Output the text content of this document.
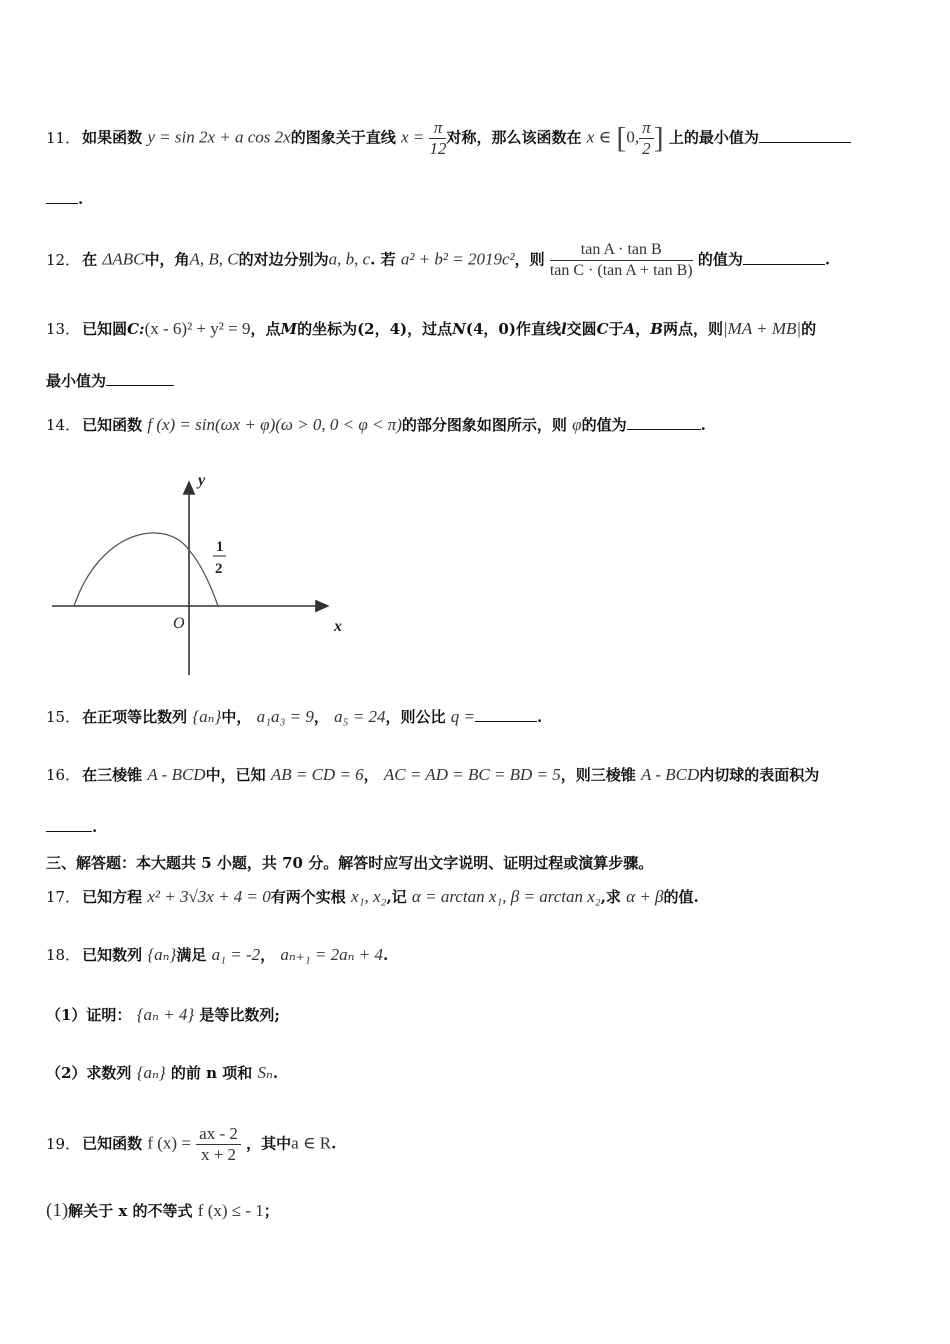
11． 如果函数 y = sin 2x + a cos 2x的图象关于直线 $x = \frac{\pi}{12}$ 对称，那么该函数在 x ∈ [0, $\frac{\pi}{2}$ ] 上的最小值为
.
12． 在 ΔABC中，角A, B, C的对边分别为a, b, c. 若 a² + b² = 2019c²，则 $\frac{\text{tan A · tan B}}{\text{tan C · (tan A + tan B)}}$ 的值为	.
13． 已知圆C:(x - 6)² + y² = 9，点M的坐标为(2，4)，过点N(4，0)作直线l交圆C于A，B两点，则|MA + MB|的
最小值为
14． 已知函数 f (x) = sin(ωx + φ)(ω > 0, 0 < φ < π)的部分图象如图所示，则 φ的值为	.
y
x
O
1
2
15． 在正项等比数列 {aₙ}中， a₁a₃ = 9， a₅ = 24，则公比 q =	.
16． 在三棱锥 A - BCD中，已知 AB = CD = 6， AC = AD = BC = BD = 5，则三棱锥 A - BCD内切球的表面积为
.
三、解答题：本大题共 5 小题，共 70 分。解答时应写出文字说明、证明过程或演算步骤。
17． 已知方程 x² + 3√3x + 4 = 0有两个实根 x₁, x₂,记 α = arctan x₁, β = arctan x₂,求 α + β的值.
18． 已知数列 {aₙ}满足 a₁ = -2， aₙ₊₁ = 2aₙ + 4.
（1）证明： {aₙ + 4} 是等比数列;
（2）求数列 {aₙ} 的前 n 项和 Sₙ.
19． 已知函数 f $(x) = \frac{ax - 2}{x + 2}$ ，其中a ∈ R.
(1)解关于 x 的不等式 f (x) ≤ - 1；
